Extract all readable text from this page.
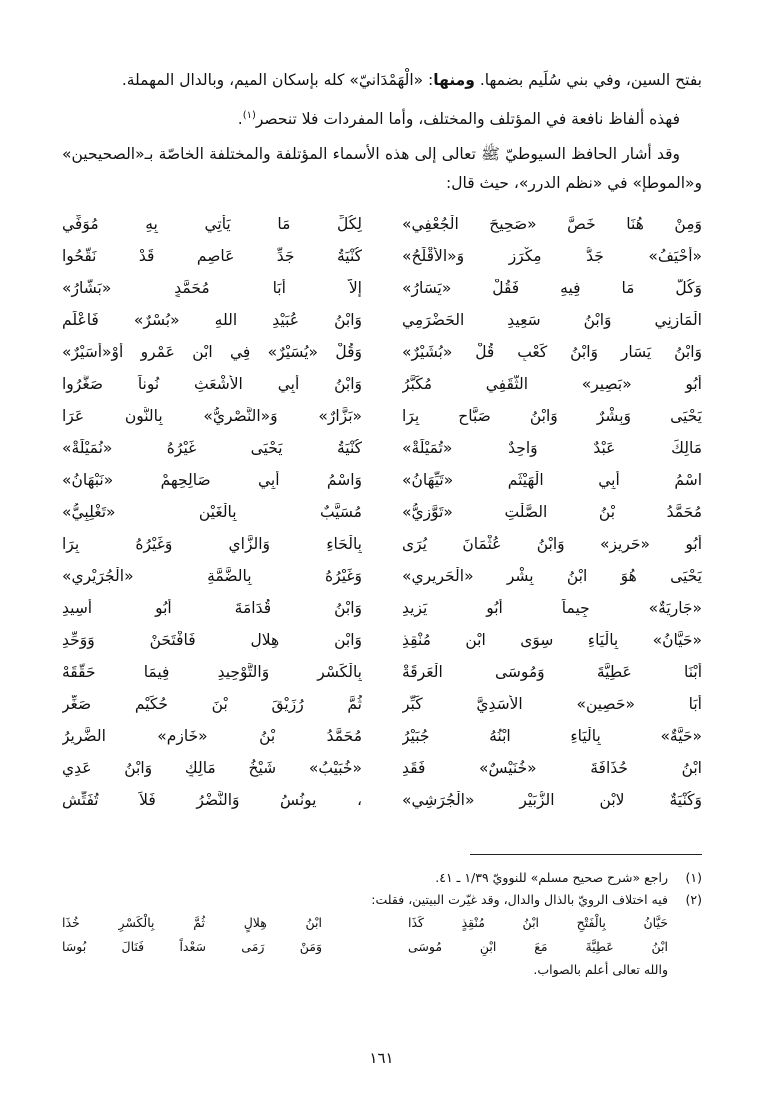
بفتح السين، وفي بني سُلَيم بضمها. ومنها: «الْهَمْدَانيّ» كله بإسكان الميم، وبالدال المهملة.

فهذه ألفاظ نافعة في المؤتلف والمختلف، وأما المفردات فلا تنحصر$^{(١)}$.

وقد أشار الحافظ السيوطيّ ﷺ تعالى إلى هذه الأسماء المؤتلفة والمختلفة الخاصّة بـ«الصحيحين» و«الموطإ» في «نظم الدرر»، حيث قال:

وَمِنْ هُنَا خَصَّ «صَحِيحَ الْجُعْفِي»
لِكُلِّ مَا يَأْتِي بِهِ مُوَفِّي
«أَحْيَفُ» جَدُّ مِكْرَزٍ وَ«الأَقْلَحُ»
كُنْيَةُ جَدِّ عَاصِمٍ قَدْ نَقَّحُوا
وَكُلُّ مَا فِيهِ فَقُلْ «يَسَارُ»
إلاَّ أَبَا مُحَمَّدٍ «بَشَّارُ»
الْمَازِنِي وَابْنُ سَعِيدِ الحَضْرَمِي
وَابْنُ عُبَيْدِ اللهِ «بُسْرٌ» فَاعْلَمِ
وَابْنُ يَسَارٍ وَابْنُ كَعْبٍ قُلْ «بُشَيْرٌ»
وَقُلْ «يُسَيْرٌ» فِي ابْنِ عَمْرٍو أَوْ«أُسَيْرٌ»
أَبُو «بَصِيرٍ» الثَّقَفِي مُكَبَّرُ
وَابْنُ أَبِي الأَشْعَثِ نُوناً صَغَّرُوا
يَحْيَى وَبِشْرٌ وَابْنُ صَبَّاحٍ بِرَا
«بَزَّارٌ» وَ«النَّصْرِيُّ» بِالنُّونِ عَرَا
مَالِكَ عَبْدٌ وَاحِدٌ «تُمَيْلَةْ»
كُنْيَةُ يَحْيَى غَيْرُهُ «نُمَيْلَةْ»
اسْمُ أَبِي الْهَيْثَمِ «تَيِّهَانُ»
وَاسْمُ أَبِي صَالِحِهِمْ «نَبْهَانُ»
مُحَمَّدُ بْنُ الصَّلْتِ «تَوَّزِيُّ»
مُسَيَّبٌ بِالْغَيْنِ «تَغْلِبِيُّ»
أَبُو «حَرِيزٍ» وَابْنُ عُثْمَانَ يُرَى
بِالْحَاءِ وَالزَّايِ وَغَيْرُهُ بِرَا
يَحْيَى هُوَ ابْنُ بِشْرٍ «الْحَرِيرِي»
وَغَيْرُهُ بِالضَّمَّةِ «الْجُرَيْرِي»
«جَارِيَةٌ» جِيماً أَبُو يَزِيدِ
وَابْنُ قُدَامَةَ أَبُو أَسِيدِ
«حَيَّانُ» بِالْيَاءِ سِوَى ابْنِ مُنْقِذِ
وَابْنِ هِلالٍ فَافْتَحَنْ وَوَحِّدِ
أَبْنَا عَطِيَّةَ وَمُوسَى الْعَرِقَةْ
بِالْكَسْرِ وَالتَّوْحِيدِ فِيمَا حَقَّقَهْ
أَبَا «حَصِينٍ» الأَسَدِيَّ كَبِّرِ
ثُمَّ رُزَيْقَ بْنَ حُكَيْمٍ صَغِّرِ
«حَيَّةٌ» بِالْيَاءِ ابْنُهُ جُبَيْرُ
مُحَمَّدُ بْنُ «خَازِمٍ» الضَّرِيرُ
ابْنُ حُذَافَةَ «خُنَيْسٌ» فَقَدِ
«خُبَيْبُ» شَيْخُ مَالِكٍ وَابْنُ عَدِي
وَكُنْيَةٌ لابْنِ الزُّبَيْرِ «الْجُرَشِي»
، يونُسُ وَالنَّضْرُ فَلاَ تُفَتِّشِ
(١)
راجع «شرح صحيح مسلم» للنوويّ ١/٣٩ ـ ٤١.
(٢)
فيه اختلاف الرويّ بالذال والدال، وقد غيّرت البيتين، فقلت:
حَيَّانُ بِالْفَتْحِ ابْنُ مُنْقِذٍ كَذَا
ابْنُ هِلالٍ ثُمَّ بِالْكَسْرِ خُذَا
ابْنُ عَطِيَّةَ مَعَ ابْنِ مُوسَى
وَمَنْ رَمَى سَعْداً فَنَالَ بُوسَا
والله تعالى أعلم بالصواب.
١٦١
